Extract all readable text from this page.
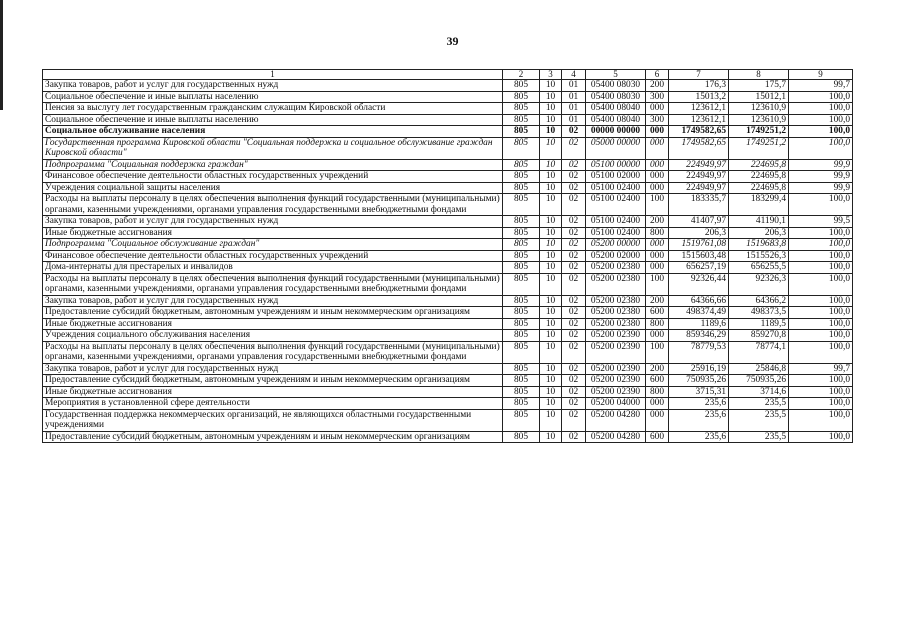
39
1	2	3	4	5	6	7	8	9
Закупка товаров, работ и услуг для государственных нужд	805	10	01	05400 08030	200	176,3	175,7	99,7
Социальное обеспечение и иные выплаты населению	805	10	01	05400 08030	300	15013,2	15012,1	100,0
Пенсия за выслугу лет государственным гражданским служащим Кировской области	805	10	01	05400 08040	000	123612,1	123610,9	100,0
Социальное обеспечение и иные выплаты населению	805	10	01	05400 08040	300	123612,1	123610,9	100,0
Социальное обслуживание населения	805	10	02	00000 00000	000	1749582,65	1749251,2	100,0
Государственная программа Кировской области "Социальная поддержка и социальное обслуживание граждан Кировской области"	805	10	02	05000 00000	000	1749582,65	1749251,2	100,0
Подпрограмма "Социальная поддержка граждан"	805	10	02	05100 00000	000	224949,97	224695,8	99,9
Финансовое обеспечение деятельности областных государственных учреждений	805	10	02	05100 02000	000	224949,97	224695,8	99,9
Учреждения социальной защиты населения	805	10	02	05100 02400	000	224949,97	224695,8	99,9
Расходы на выплаты персоналу в целях обеспечения выполнения функций государственными (муниципальными) органами, казенными учреждениями, органами управления государственными внебюджетными фондами	805	10	02	05100 02400	100	183335,7	183299,4	100,0
Закупка товаров, работ и услуг для государственных нужд	805	10	02	05100 02400	200	41407,97	41190,1	99,5
Иные бюджетные ассигнования	805	10	02	05100 02400	800	206,3	206,3	100,0
Подпрограмма "Социальное обслуживание граждан"	805	10	02	05200 00000	000	1519761,08	1519683,8	100,0
Финансовое обеспечение деятельности областных государственных учреждений	805	10	02	05200 02000	000	1515603,48	1515526,3	100,0
Дома-интернаты для престарелых и инвалидов	805	10	02	05200 02380	000	656257,19	656255,5	100,0
Расходы на выплаты персоналу в целях обеспечения выполнения функций государственными (муниципальными) органами, казенными учреждениями, органами управления государственными внебюджетными фондами	805	10	02	05200 02380	100	92326,44	92326,3	100,0
Закупка товаров, работ и услуг для государственных нужд	805	10	02	05200 02380	200	64366,66	64366,2	100,0
Предоставление субсидий бюджетным, автономным учреждениям и иным некоммерческим организациям	805	10	02	05200 02380	600	498374,49	498373,5	100,0
Иные бюджетные ассигнования	805	10	02	05200 02380	800	1189,6	1189,5	100,0
Учреждения социального обслуживания населения	805	10	02	05200 02390	000	859346,29	859270,8	100,0
Расходы на выплаты персоналу в целях обеспечения выполнения функций государственными (муниципальными) органами, казенными учреждениями, органами управления государственными внебюджетными фондами	805	10	02	05200 02390	100	78779,53	78774,1	100,0
Закупка товаров, работ и услуг для государственных нужд	805	10	02	05200 02390	200	25916,19	25846,8	99,7
Предоставление субсидий бюджетным, автономным учреждениям и иным некоммерческим организациям	805	10	02	05200 02390	600	750935,26	750935,26	100,0
Иные бюджетные ассигнования	805	10	02	05200 02390	800	3715,31	3714,6	100,0
Мероприятия в установленной сфере деятельности	805	10	02	05200 04000	000	235,6	235,5	100,0
Государственная поддержка некоммерческих организаций, не являющихся областными государственными учреждениями	805	10	02	05200 04280	000	235,6	235,5	100,0
Предоставление субсидий бюджетным, автономным учреждениям и иным некоммерческим организациям	805	10	02	05200 04280	600	235,6	235,5	100,0
